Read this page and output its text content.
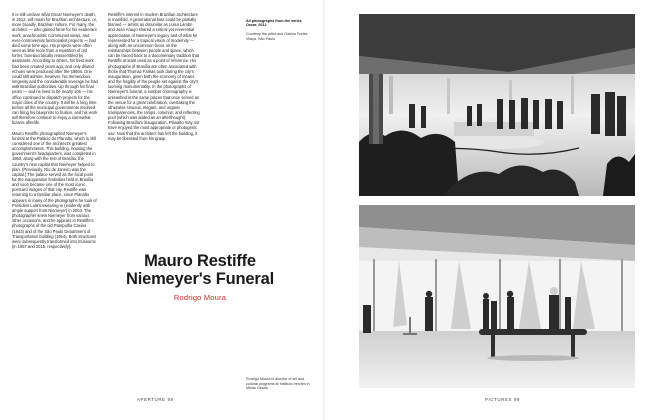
It is still unclear what Oscar Niemeyer's death, in 2012, will mean for Brazilian architecture, or, more broadly, Brazilian culture. For many, the architect — who gained fame for his exuberant work, anachronistic Communist views, and ever-controversial functionalist projects — had died some time ago. His projects were often seen as little more than a repetition of old forms, bureaucratically reassembled by assistants. According to others, his best work had been created years ago, and only diluted echoes were produced after the 1980s. One could still admire, however, his tremendous longevity and the considerable leverage he had with Brazilian authorities. Up through his final years — and he lived to be nearly 105 — his office continued to dispatch projects for the major cities of the country. It will be a long time before all the municipal governments involved can bring his blueprints to fruition, and his work will therefore continue to enjoy a somewhat bizarre afterlife.

Mauro Restiffe photographed Niemeyer's funeral at the Palácio do Planalto, which is still considered one of the architect's greatest accomplishments. This building, housing the government's headquarters, was completed in 1960, along with the rest of Brasília, the country's new capital that Niemeyer helped to plan. (Previously, Rio de Janeiro was the capital.) The palace served as the focal point for the inauguration festivities held in Brasília and soon became one of the most iconic postcard images of that city. Restiffe was returning to a familiar place, since Planalto appears in many of the photographs he took of President Lula's swearing-in (evidently with ample support from Niemeyer) in 2003. The photographer knew Niemeyer from various other occasions, and he appears in Restiffe's photographs of the old Pampulha Casino (1943) and of the São Paulo Department of Transportation building (1954). Both structures were subsequently transformed into museums (in 1957 and 2015, respectively).
Restiffe's interest in modern Brazilian architecture is manifold. A generational bias could be partially blamed — artists as dissimilar as Luisa Lambri and Juan Araujo shared a critical yet reverential appreciation of Niemeyer's legacy and of what he represented for a tropical vision of modernity — along with an uncommon focus on the relationships between people and space, which can be traced back to a documentary tradition that Restiffe at least used as a point of reference. His photographs of Brasília are often associated with those that Thomaz Farkas took during the city's inauguration, given both the economy of means and the fragility of the people set against the city's looming monumentality. In the photographs of Niemeyer's funeral, a somber choreography is unleashed in the same places that once served as the venue for a great celebration, overtaking the otherwise sinuous, elegant, and organic transparencies, the ramps, columns, and reflecting pool (which was added as an afterthought). Following Brasília's inauguration, Planalto may not have enjoyed the most appropriate or photogenic use. Now that the architect has left the building, it may be liberated from his grasp.
Mauro Restiffe
Niemeyer's Funeral
Rodrigo Moura
APERTURE 98

All photographs from the series Oscar, 2012

Courtesy the artist and Galeria Fortes Vilaça, São Paulo

Rodrigo Moura is director of art and cultural programs at Instituto Inhotim in Minas Gerais.
PICTURES 99
